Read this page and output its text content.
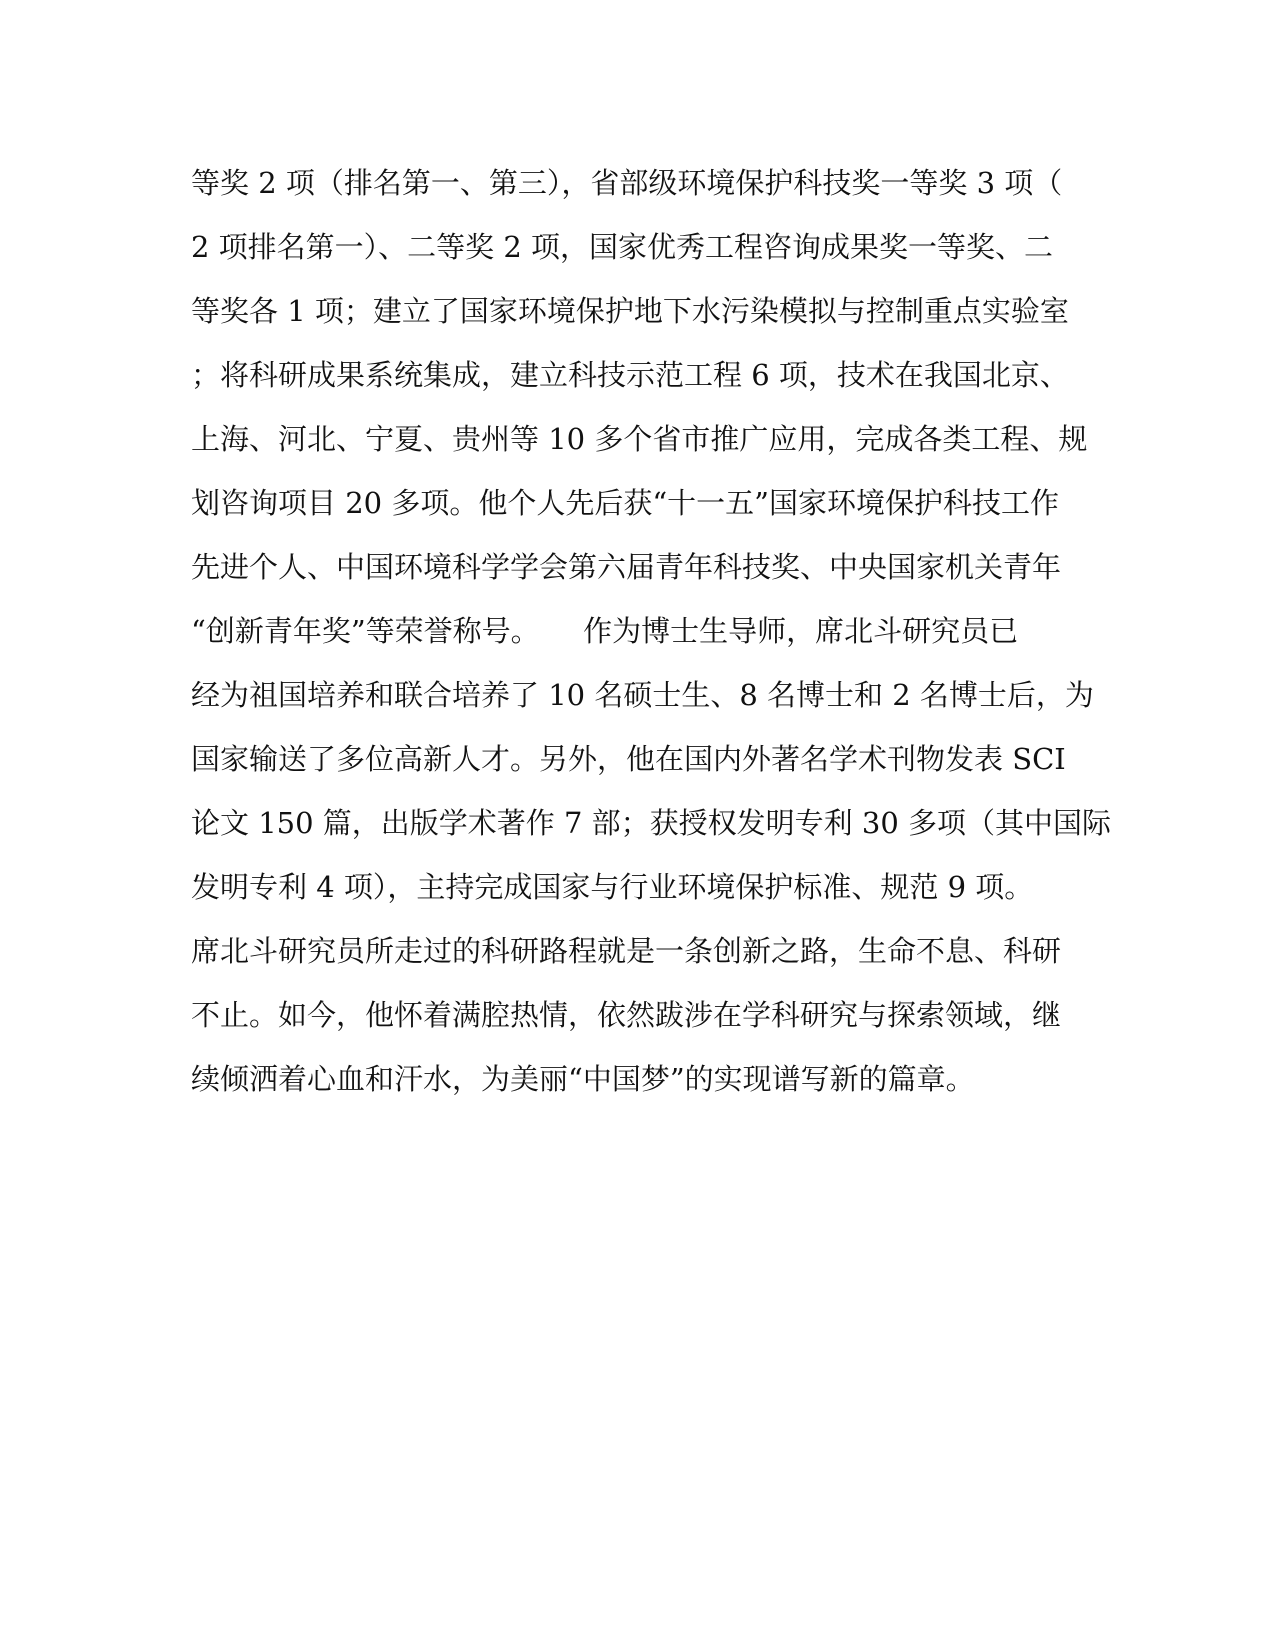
等奖 2 项（排名第一、第三），省部级环境保护科技奖一等奖 3 项（
2 项排名第一）、二等奖 2 项，国家优秀工程咨询成果奖一等奖、二
等奖各 1 项；建立了国家环境保护地下水污染模拟与控制重点实验室
；将科研成果系统集成，建立科技示范工程 6 项，技术在我国北京、
上海、河北、宁夏、贵州等 10 多个省市推广应用，完成各类工程、规
划咨询项目 20 多项。他个人先后获“十一五”国家环境保护科技工作
先进个人、中国环境科学学会第六届青年科技奖、中央国家机关青年
“创新青年奖”等荣誉称号。　　作为博士生导师，席北斗研究员已
经为祖国培养和联合培养了 10 名硕士生、8 名博士和 2 名博士后，为
国家输送了多位高新人才。另外，他在国内外著名学术刊物发表 SCI
论文 150 篇，出版学术著作 7 部；获授权发明专利 30 多项（其中国际
发明专利 4 项），主持完成国家与行业环境保护标准、规范 9 项。
席北斗研究员所走过的科研路程就是一条创新之路，生命不息、科研
不止。如今，他怀着满腔热情，依然跋涉在学科研究与探索领域，继
续倾洒着心血和汗水，为美丽“中国梦”的实现谱写新的篇章。
